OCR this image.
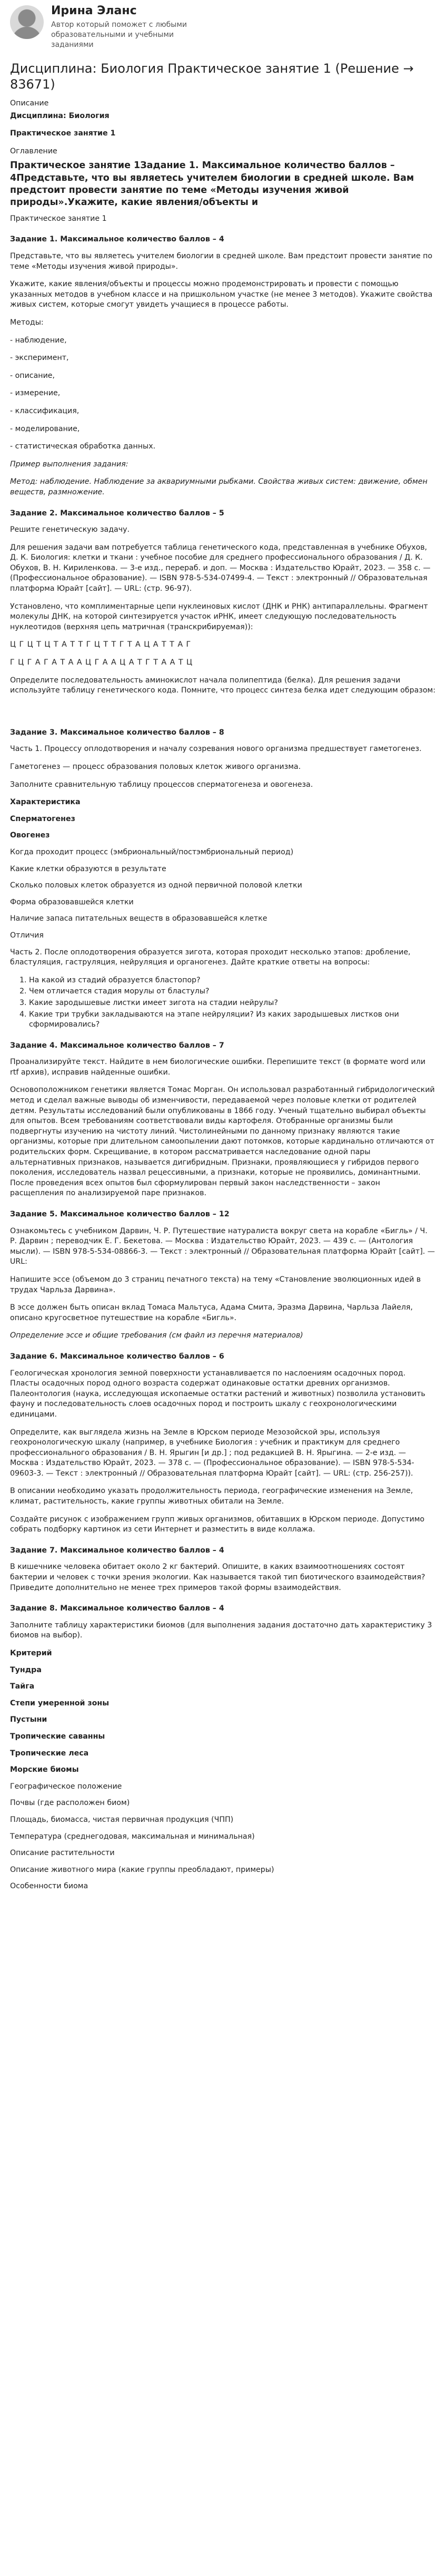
Ирина Эланс
Автор который поможет с любыми образовательными и учебными заданиями
Дисциплина: Биология Практическое занятие 1 (Решение → 83671)
Описание
Дисциплина: Биология
Практическое занятие 1
Оглавление
Практическое занятие 1Задание 1. Максимальное количество баллов – 4Представьте, что вы являетесь учителем биологии в средней школе. Вам предстоит провести занятие по теме «Методы изучения живой природы».Укажите, какие явления/объекты и
Практическое занятие 1
Задание 1. Максимальное количество баллов – 4

Представьте, что вы являетесь учителем биологии в средней школе. Вам предстоит провести занятие по теме «Методы изучения живой природы».

Укажите, какие явления/объекты и процессы можно продемонстрировать и провести с помощью указанных методов в учебном классе и на пришкольном участке (не менее 3 методов). Укажите свойства живых систем, которые смогут увидеть учащиеся в процессе работы.

Методы:

- наблюдение,

- эксперимент,

- описание,

- измерение,

- классификация,

- моделирование,

- статистическая обработка данных.

Пример выполнения задания:

Метод: наблюдение. Наблюдение за аквариумными рыбками. Свойства живых систем: движение, обмен веществ, размножение.

Задание 2. Максимальное количество баллов – 5

Решите генетическую задачу.

Для решения задачи вам потребуется таблица генетического кода, представленная в учебнике Обухов, Д. К. Биология: клетки и ткани : учебное пособие для среднего профессионального образования / Д. К. Обухов, В. Н. Кириленкова. — 3-е изд., перераб. и доп. — Москва : Издательство Юрайт, 2023. — 358 с. — (Профессиональное образование). — ISBN 978-5-534-07499-4. — Текст : электронный // Образовательная платформа Юрайт [сайт]. — URL: (стр. 96-97).

Установлено, что комплиментарные цепи нуклеиновых кислот (ДНК и РНК) антипараллельны. Фрагмент молекулы ДНК, на которой синтезируется участок иРНК, имеет следующую последовательность нуклеотидов (верхняя цепь матричная (транскрибируемая)):

Ц Г Ц Т Ц Т А Т Т Г Ц Т Т Г Т А Ц А Т Т А Г

Г Ц Г А Г А Т А А Ц Г А А Ц А Т Г Т А А Т Ц

Определите последовательность аминокислот начала полипептида (белка). Для решения задачи используйте таблицу генетического кода. Помните, что процесс синтеза белка идет следующим образом:

Задание 3. Максимальное количество баллов – 8

Часть 1. Процессу оплодотворения и началу созревания нового организма предшествует гаметогенез.

Гаметогенез — процесс образования половых клеток живого организма.

Заполните сравнительную таблицу процессов сперматогенеза и овогенеза.

Характеристика
Сперматогенез
Овогенез
Когда проходит процесс (эмбриональный/постэмбриональный период)
Какие клетки образуются в результате
Сколько половых клеток образуется из одной первичной половой клетки
Форма образовавшейся клетки
Наличие запаса питательных веществ в образовавшейся клетке
Отличия

Часть 2. После оплодотворения образуется зигота, которая проходит несколько этапов: дробление, бластуляция, гаструляция, нейруляция и органогенез. Дайте краткие ответы на вопросы:

1. На какой из стадий образуется бластопор?
2. Чем отличается стадия морулы от бластулы?
3. Какие зародышевые листки имеет зигота на стадии нейрулы?
4. Какие три трубки закладываются на этапе нейруляции? Из каких зародышевых листков они сформировались?
Задание 4. Максимальное количество баллов – 7

Проанализируйте текст. Найдите в нем биологические ошибки. Перепишите текст (в формате word или rtf архив), исправив найденные ошибки.

Основоположником генетики является Томас Морган. Он использовал разработанный гибридологический метод и сделал важные выводы об изменчивости, передаваемой через половые клетки от родителей детям. Результаты исследований были опубликованы в 1866 году. Ученый тщательно выбирал объекты для опытов. Всем требованиям соответствовали виды картофеля. Отобранные организмы были подвергнуты изучению на чистоту линий. Чистолинейными по данному признаку являются такие организмы, которые при длительном самоопылении дают потомков, которые кардинально отличаются от родительских форм. Скрещивание, в котором рассматривается наследование одной пары альтернативных признаков, называется дигибридным. Признаки, проявляющиеся у гибридов первого поколения, исследователь назвал рецессивными, а признаки, которые не проявились, доминантными. После проведения всех опытов был сформулирован первый закон наследственности – закон расщепления по анализируемой паре признаков.

Задание 5. Максимальное количество баллов – 12

Ознакомьтесь с учебником Дарвин, Ч. Р. Путешествие натуралиста вокруг света на корабле «Бигль» / Ч. Р. Дарвин ; переводчик Е. Г. Бекетова. — Москва : Издательство Юрайт, 2023. — 439 с. — (Антология мысли). — ISBN 978-5-534-08866-3. — Текст : электронный // Образовательная платформа Юрайт [сайт]. — URL:

Напишите эссе (объемом до 3 страниц печатного текста) на тему «Становление эволюционных идей в трудах Чарльза Дарвина».

В эссе должен быть описан вклад Томаса Мальтуса, Адама Смита, Эразма Дарвина, Чарльза Лайеля, описано кругосветное путешествие на корабле «Бигль».

Определение эссе и общие требования (см файл из перечня материалов)

Задание 6. Максимальное количество баллов – 6

Геологическая хронология земной поверхности устанавливается по наслоениям осадочных пород. Пласты осадочных пород одного возраста содержат одинаковые остатки древних организмов. Палеонтология (наука, исследующая ископаемые остатки растений и животных) позволила установить фауну и последовательность слоев осадочных пород и построить шкалу с геохронологическими единицами.

Определите, как выглядела жизнь на Земле в Юрском периоде Мезозойской эры, используя геохронологическую шкалу (например, в учебнике Биология : учебник и практикум для среднего профессионального образования / В. Н. Ярыгин [и др.] ; под редакцией В. Н. Ярыгина. — 2-е изд. — Москва : Издательство Юрайт, 2023. — 378 с. — (Профессиональное образование). — ISBN 978-5-534-09603-3. — Текст : электронный // Образовательная платформа Юрайт [сайт]. — URL: (стр. 256-257)).

В описании необходимо указать продолжительность периода, географические изменения на Земле, климат, растительность, какие группы животных обитали на Земле.

Создайте рисунок с изображением групп живых организмов, обитавших в Юрском периоде. Допустимо собрать подборку картинок из сети Интернет и разместить в виде коллажа.

Задание 7. Максимальное количество баллов – 4

В кишечнике человека обитает около 2 кг бактерий. Опишите, в каких взаимоотношениях состоят бактерии и человек с точки зрения экологии. Как называется такой тип биотического взаимодействия? Приведите дополнительно не менее трех примеров такой формы взаимодействия.

Задание 8. Максимальное количество баллов – 4

Заполните таблицу характеристики биомов (для выполнения задания достаточно дать характеристику 3 биомов на выбор).

Критерий
Тундра
Тайга
Степи умеренной зоны
Пустыни
Тропические саванны
Тропические леса
Морские биомы
Географическое положение
Почвы (где расположен биом)
Площадь, биомасса, чистая первичная продукция (ЧПП)
Температура (среднегодовая, максимальная и минимальная)
Описание растительности
Описание животного мира (какие группы преобладают, примеры)
Особенности биома
